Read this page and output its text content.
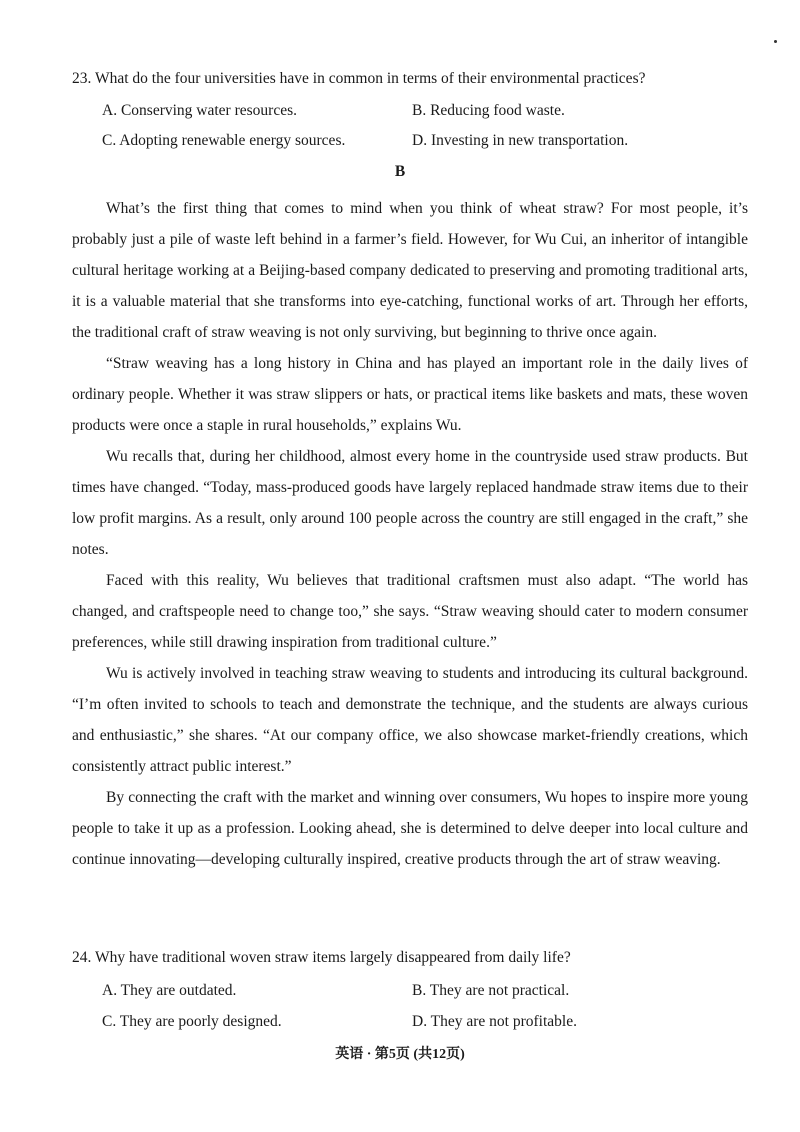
23. What do the four universities have in common in terms of their environmental practices?
A. Conserving water resources.	B. Reducing food waste.
C. Adopting renewable energy sources.	D. Investing in new transportation.
B

What’s the first thing that comes to mind when you think of wheat straw? For most people, it’s probably just a pile of waste left behind in a farmer’s field. However, for Wu Cui, an inheritor of intangible cultural heritage working at a Beijing-based company dedicated to preserving and promoting traditional arts, it is a valuable material that she transforms into eye-catching, functional works of art. Through her efforts, the traditional craft of straw weaving is not only surviving, but beginning to thrive once again.

“Straw weaving has a long history in China and has played an important role in the daily lives of ordinary people. Whether it was straw slippers or hats, or practical items like baskets and mats, these woven products were once a staple in rural households,” explains Wu.

Wu recalls that, during her childhood, almost every home in the countryside used straw products. But times have changed. “Today, mass-produced goods have largely replaced handmade straw items due to their low profit margins. As a result, only around 100 people across the country are still engaged in the craft,” she notes.

Faced with this reality, Wu believes that traditional craftsmen must also adapt. “The world has changed, and craftspeople need to change too,” she says. “Straw weaving should cater to modern consumer preferences, while still drawing inspiration from traditional culture.”

Wu is actively involved in teaching straw weaving to students and introducing its cultural background. “I’m often invited to schools to teach and demonstrate the technique, and the students are always curious and enthusiastic,” she shares. “At our company office, we also showcase market-friendly creations, which consistently attract public interest.”

By connecting the craft with the market and winning over consumers, Wu hopes to inspire more young people to take it up as a profession. Looking ahead, she is determined to delve deeper into local culture and continue innovating—developing culturally inspired, creative products through the art of straw weaving.

24. Why have traditional woven straw items largely disappeared from daily life?
A. They are outdated.	B. They are not practical.
C. They are poorly designed.	D. They are not profitable.
英语 · 第5页 (共12页)
